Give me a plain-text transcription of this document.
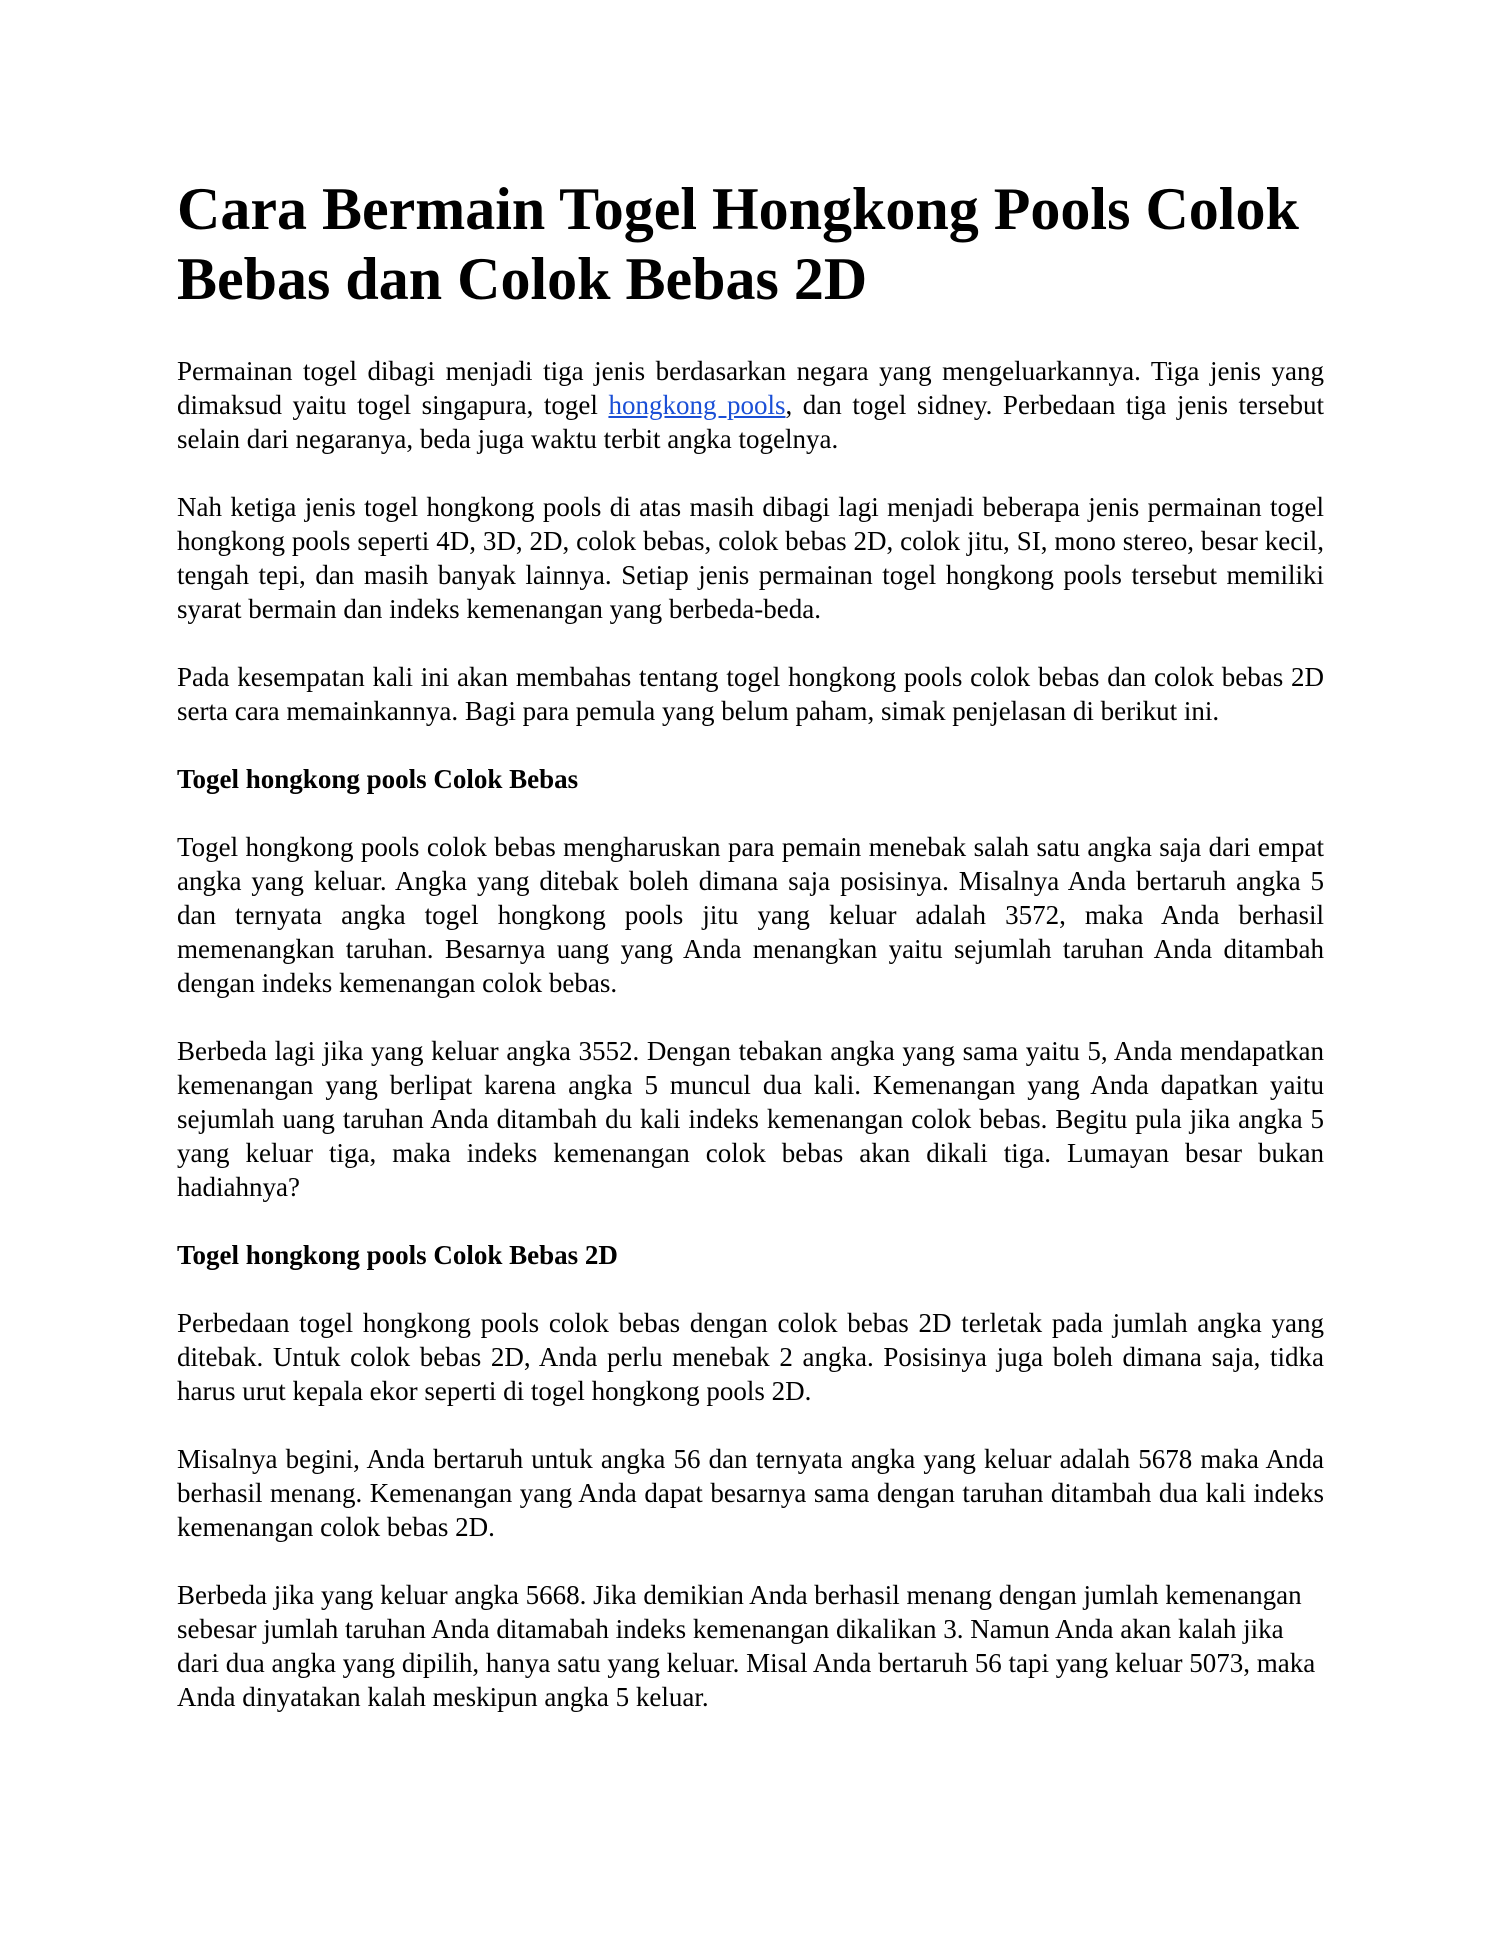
Cara Bermain Togel Hongkong Pools Colok Bebas dan Colok Bebas 2D

Permainan togel dibagi menjadi tiga jenis berdasarkan negara yang mengeluarkannya. Tiga jenis yang dimaksud yaitu togel singapura, togel hongkong pools, dan togel sidney. Perbedaan tiga jenis tersebut selain dari negaranya, beda juga waktu terbit angka togelnya.

Nah ketiga jenis togel hongkong pools di atas masih dibagi lagi menjadi beberapa jenis permainan togel hongkong pools seperti 4D, 3D, 2D, colok bebas, colok bebas 2D, colok jitu, SI, mono stereo, besar kecil, tengah tepi, dan masih banyak lainnya. Setiap jenis permainan togel hongkong pools tersebut memiliki syarat bermain dan indeks kemenangan yang berbeda-beda.

Pada kesempatan kali ini akan membahas tentang togel hongkong pools colok bebas dan colok bebas 2D serta cara memainkannya. Bagi para pemula yang belum paham, simak penjelasan di berikut ini.

Togel hongkong pools Colok Bebas

Togel hongkong pools colok bebas mengharuskan para pemain menebak salah satu angka saja dari empat angka yang keluar. Angka yang ditebak boleh dimana saja posisinya. Misalnya Anda bertaruh angka 5 dan ternyata angka togel hongkong pools jitu yang keluar adalah 3572, maka Anda berhasil memenangkan taruhan. Besarnya uang yang Anda menangkan yaitu sejumlah taruhan Anda ditambah dengan indeks kemenangan colok bebas.

Berbeda lagi jika yang keluar angka 3552. Dengan tebakan angka yang sama yaitu 5, Anda mendapatkan kemenangan yang berlipat karena angka 5 muncul dua kali. Kemenangan yang Anda dapatkan yaitu sejumlah uang taruhan Anda ditambah du kali indeks kemenangan colok bebas. Begitu pula jika angka 5 yang keluar tiga, maka indeks kemenangan colok bebas akan dikali tiga. Lumayan besar bukan hadiahnya?

Togel hongkong pools Colok Bebas 2D

Perbedaan togel hongkong pools colok bebas dengan colok bebas 2D terletak pada jumlah angka yang ditebak. Untuk colok bebas 2D, Anda perlu menebak 2 angka. Posisinya juga boleh dimana saja, tidka harus urut kepala ekor seperti di togel hongkong pools 2D.

Misalnya begini, Anda bertaruh untuk angka 56 dan ternyata angka yang keluar adalah 5678 maka Anda berhasil menang. Kemenangan yang Anda dapat besarnya sama dengan taruhan ditambah dua kali indeks kemenangan colok bebas 2D.

Berbeda jika yang keluar angka 5668. Jika demikian Anda berhasil menang dengan jumlah kemenangan sebesar jumlah taruhan Anda ditamabah indeks kemenangan dikalikan 3. Namun Anda akan kalah jika dari dua angka yang dipilih, hanya satu yang keluar. Misal Anda bertaruh 56 tapi yang keluar 5073, maka Anda dinyatakan kalah meskipun angka 5 keluar.
